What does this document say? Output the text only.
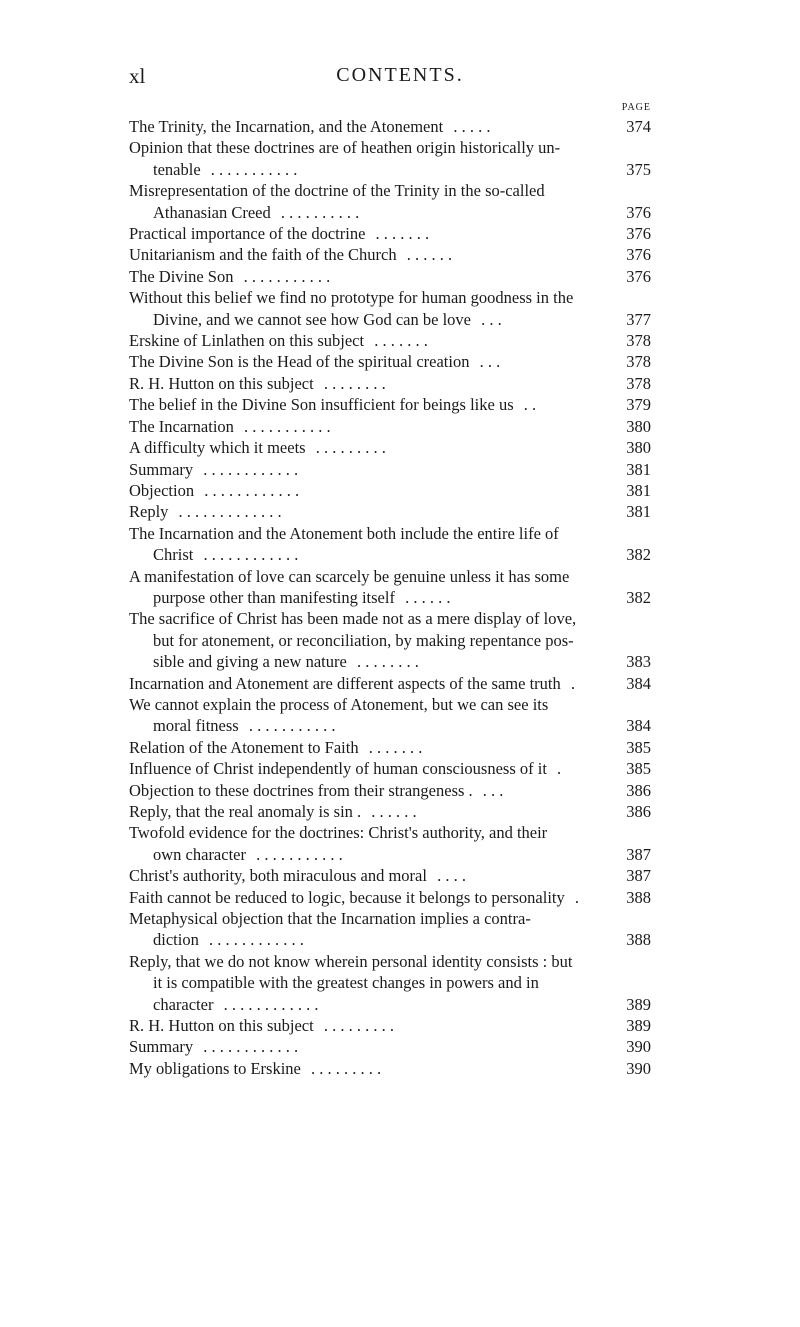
xl	CONTENTS.
PAGE
The Trinity, the Incarnation, and the Atonement . . . . .	374
Opinion that these doctrines are of heathen origin historically un-
tenable . . . . . . . . . . .	375
Misrepresentation of the doctrine of the Trinity in the so-called
Athanasian Creed . . . . . . . . . .	376
Practical importance of the doctrine . . . . . . .	376
Unitarianism and the faith of the Church . . . . . .	376
The Divine Son . . . . . . . . . . .	376
Without this belief we find no prototype for human goodness in the
Divine, and we cannot see how God can be love . . .	377
Erskine of Linlathen on this subject . . . . . . .	378
The Divine Son is the Head of the spiritual creation . . .	378
R. H. Hutton on this subject . . . . . . . .	378
The belief in the Divine Son insufficient for beings like us . .	379
The Incarnation . . . . . . . . . . .	380
A difficulty which it meets . . . . . . . . .	380
Summary . . . . . . . . . . . .	381
Objection . . . . . . . . . . . .	381
Reply . . . . . . . . . . . . .	381
The Incarnation and the Atonement both include the entire life of
Christ . . . . . . . . . . . .	382
A manifestation of love can scarcely be genuine unless it has some
purpose other than manifesting itself . . . . . .	382
The sacrifice of Christ has been made not as a mere display of love,
but for atonement, or reconciliation, by making repentance pos-
sible and giving a new nature . . . . . . . .	383
Incarnation and Atonement are different aspects of the same truth .	384
We cannot explain the process of Atonement, but we can see its
moral fitness . . . . . . . . . . .	384
Relation of the Atonement to Faith . . . . . . .	385
Influence of Christ independently of human consciousness of it .	385
Objection to these doctrines from their strangeness . . . .	386
Reply, that the real anomaly is sin . . . . . . .	386
Twofold evidence for the doctrines: Christ's authority, and their
own character . . . . . . . . . . .	387
Christ's authority, both miraculous and moral . . . .	387
Faith cannot be reduced to logic, because it belongs to personality .	388
Metaphysical objection that the Incarnation implies a contra-
diction . . . . . . . . . . . .	388
Reply, that we do not know wherein personal identity consists : but
it is compatible with the greatest changes in powers and in
character . . . . . . . . . . . .	389
R. H. Hutton on this subject . . . . . . . . .	389
Summary . . . . . . . . . . . .	390
My obligations to Erskine . . . . . . . . .	390
